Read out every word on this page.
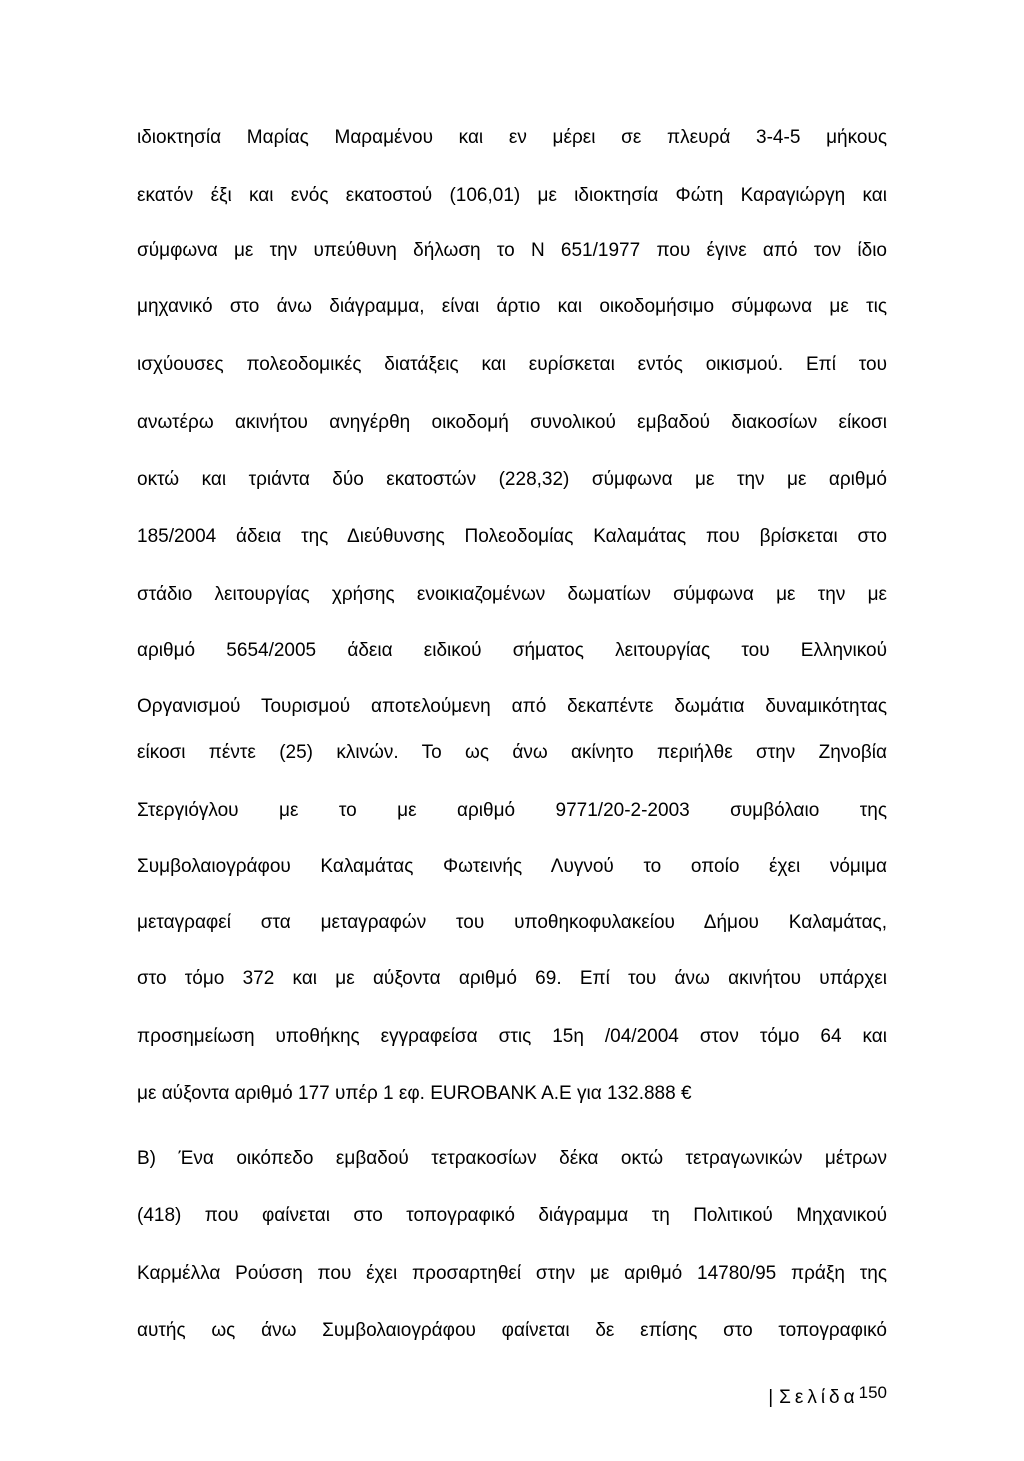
ιδιοκτησία Μαρίας Μαραμένου και εν μέρει σε πλευρά 3-4-5 μήκους
εκατόν έξι και ενός εκατοστού (106,01) με ιδιοκτησία Φώτη Καραγιώργη και
σύμφωνα με την υπεύθυνη δήλωση το Ν 651/1977 που έγινε από τον ίδιο
μηχανικό στο άνω διάγραμμα, είναι άρτιο και οικοδομήσιμο σύμφωνα με τις
ισχύουσες πολεοδομικές διατάξεις και ευρίσκεται εντός οικισμού. Επί του
ανωτέρω ακινήτου ανηγέρθη οικοδομή συνολικού εμβαδού διακοσίων είκοσι
οκτώ και τριάντα δύο εκατοστών (228,32) σύμφωνα με την με αριθμό
185/2004 άδεια της Διεύθυνσης Πολεοδομίας Καλαμάτας που βρίσκεται στο
στάδιο λειτουργίας χρήσης ενοικιαζομένων δωματίων σύμφωνα με την με
αριθμό 5654/2005 άδεια ειδικού σήματος λειτουργίας του Ελληνικού
Οργανισμού Τουρισμού αποτελούμενη από δεκαπέντε δωμάτια δυναμικότητας
είκοσι πέντε (25) κλινών. Το ως άνω ακίνητο περιήλθε στην Ζηνοβία
Στεργιόγλου με το με αριθμό 9771/20-2-2003 συμβόλαιο της
Συμβολαιογράφου Καλαμάτας Φωτεινής Λυγνού το οποίο έχει νόμιμα
μεταγραφεί στα μεταγραφών του υποθηκοφυλακείου Δήμου Καλαμάτας,
στο τόμο 372 και με αύξοντα αριθμό 69. Επί του άνω ακινήτου υπάρχει
προσημείωση υποθήκης εγγραφείσα στις 15η /04/2004 στον τόμο 64 και
με αύξοντα αριθμό 177 υπέρ 1 εφ. EUROBANK A.E για 132.888 €
Β) Ένα οικόπεδο εμβαδού τετρακοσίων δέκα οκτώ τετραγωνικών μέτρων
(418) που φαίνεται στο τοπογραφικό διάγραμμα τη Πολιτικού Μηχανικού
Καρμέλλα Ρούσση που έχει προσαρτηθεί στην με αριθμό 14780/95 πράξη της
αυτής ως άνω Συμβολαιογράφου φαίνεται δε επίσης στο τοπογραφικό
| Σελίδα150
